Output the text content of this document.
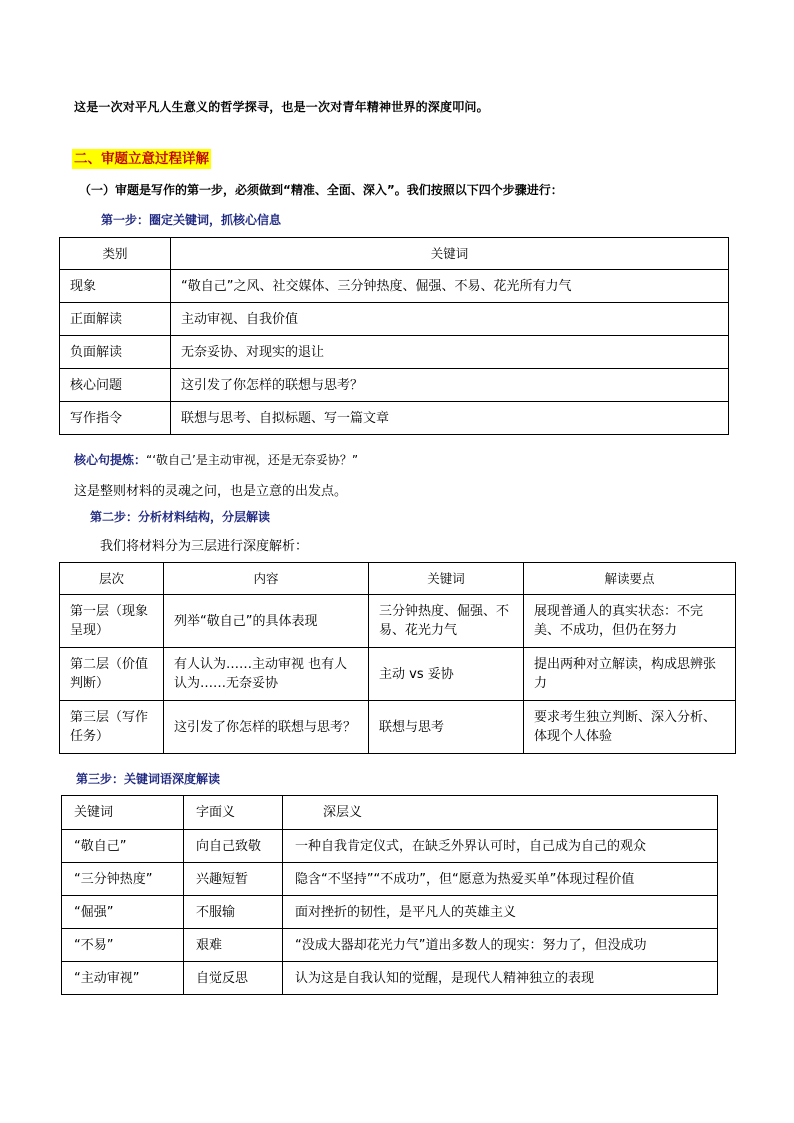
这是一次对平凡人生意义的哲学探寻，也是一次对青年精神世界的深度叩问。
二、审题立意过程详解
（一）审题是写作的第一步，必须做到“精准、全面、深入”。我们按照以下四个步骤进行：
第一步：圈定关键词，抓核心信息
类别	关键词
现象	“敬自己”之风、社交媒体、三分钟热度、倔强、不易、花光所有力气
正面解读	主动审视、自我价值
负面解读	无奈妥协、对现实的退让
核心问题	这引发了你怎样的联想与思考？
写作指令	联想与思考、自拟标题、写一篇文章
核心句提炼：“‘敬自己’是主动审视，还是无奈妥协？”
这是整则材料的灵魂之问，也是立意的出发点。
第二步：分析材料结构，分层解读
我们将材料分为三层进行深度解析：
层次	内容	关键词	解读要点
第一层（现象呈现）	列举“敬自己”的具体表现	三分钟热度、倔强、不易、花光力气	展现普通人的真实状态：不完美、不成功，但仍在努力
第二层（价值判断）	有人认为……主动审视 也有人认为……无奈妥协	主动 vs 妥协	提出两种对立解读，构成思辨张力
第三层（写作任务）	这引发了你怎样的联想与思考？	联想与思考	要求考生独立判断、深入分析、体现个人体验
第三步：关键词语深度解读
关键词	字面义	深层义
“敬自己”	向自己致敬	一种自我肯定仪式，在缺乏外界认可时，自己成为自己的观众
“三分钟热度”	兴趣短暂	隐含“不坚持”“不成功”，但“愿意为热爱买单”体现过程价值
“倔强”	不服输	面对挫折的韧性，是平凡人的英雄主义
“不易”	艰难	“没成大器却花光力气”道出多数人的现实：努力了，但没成功
“主动审视”	自觉反思	认为这是自我认知的觉醒，是现代人精神独立的表现
